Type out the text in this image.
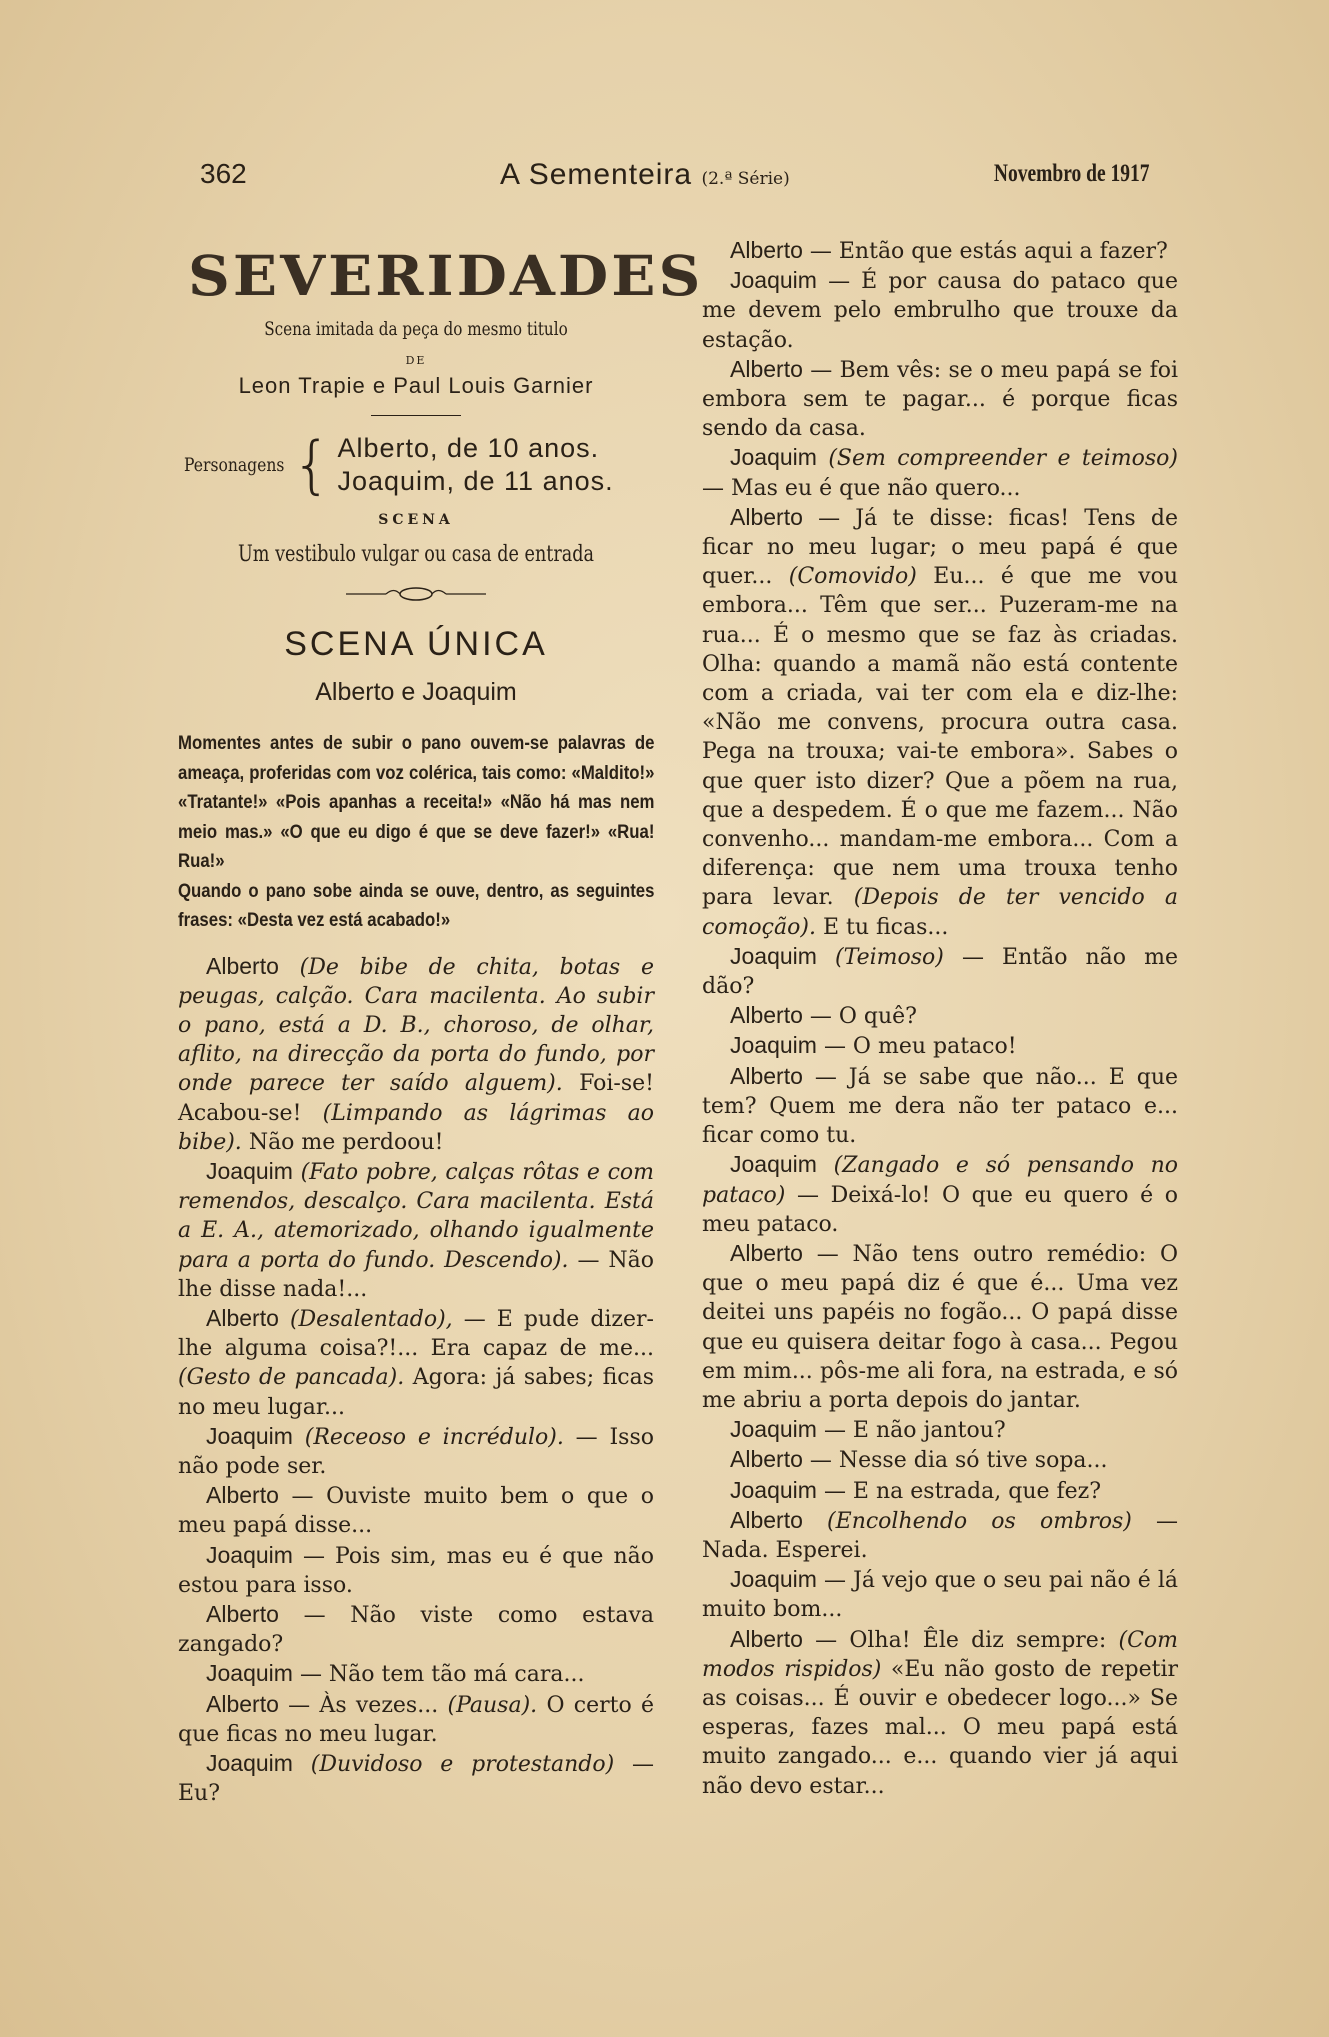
362	A Sementeira (2.ª Série)	Novembro de 1917
SEVERIDADES
Scena imitada da peça do mesmo titulo
DE
Leon Trapie e Paul Louis Garnier
Personagens { Alberto, de 10 anos.
Joaquim, de 11 anos.
SCENA
Um vestibulo vulgar ou casa de entrada
SCENA ÚNICA
Alberto e Joaquim

Momentes antes de subir o pano ouvem-se palavras de ameaça, proferidas com voz colérica, tais como: «Maldito!» «Tratante!» «Pois apanhas a receita!» «Não há mas nem meio mas.» «O que eu digo é que se deve fazer!» «Rua! Rua!»

Quando o pano sobe ainda se ouve, dentro, as seguintes frases: «Desta vez está acabado!»

Alberto (De bibe de chita, botas e peugas, calção. Cara macilenta. Ao subir o pano, está a D. B., choroso, de olhar, aflito, na direcção da porta do fundo, por onde parece ter saído alguem). Foi-se! Acabou-se! (Limpando as lágrimas ao bibe). Não me perdoou!

Joaquim (Fato pobre, calças rôtas e com remendos, descalço. Cara macilenta. Está a E. A., atemorizado, olhando igualmente para a porta do fundo. Descendo). — Não lhe disse nada!...

Alberto (Desalentado), — E pude dizer-lhe alguma coisa?!... Era capaz de me... (Gesto de pancada). Agora: já sabes; ficas no meu lugar...

Joaquim (Receoso e incrédulo). — Isso não pode ser.

Alberto — Ouviste muito bem o que o meu papá disse...

Joaquim — Pois sim, mas eu é que não estou para isso.

Alberto — Não viste como estava zangado?

Joaquim — Não tem tão má cara...

Alberto — Às vezes... (Pausa). O certo é que ficas no meu lugar.

Joaquim (Duvidoso e protestando) — Eu?

Alberto — Então que estás aqui a fazer?

Joaquim — É por causa do pataco que me devem pelo embrulho que trouxe da estação.

Alberto — Bem vês: se o meu papá se foi embora sem te pagar... é porque ficas sendo da casa.

Joaquim (Sem compreender e teimoso) — Mas eu é que não quero...

Alberto — Já te disse: ficas! Tens de ficar no meu lugar; o meu papá é que quer... (Comovido) Eu... é que me vou embora... Têm que ser... Puzeram-me na rua... É o mesmo que se faz às criadas. Olha: quando a mamã não está contente com a criada, vai ter com ela e diz-lhe: «Não me convens, procura outra casa. Pega na trouxa; vai-te embora». Sabes o que quer isto dizer? Que a põem na rua, que a despedem. É o que me fazem... Não convenho... mandam-me embora... Com a diferença: que nem uma trouxa tenho para levar. (Depois de ter vencido a comoção). E tu ficas...

Joaquim (Teimoso) — Então não me dão?

Alberto — O quê?

Joaquim — O meu pataco!

Alberto — Já se sabe que não... E que tem? Quem me dera não ter pataco e... ficar como tu.

Joaquim (Zangado e só pensando no pataco) — Deixá-lo! O que eu quero é o meu pataco.

Alberto — Não tens outro remédio: O que o meu papá diz é que é... Uma vez deitei uns papéis no fogão... O papá disse que eu quisera deitar fogo à casa... Pegou em mim... pôs-me ali fora, na estrada, e só me abriu a porta depois do jantar.

Joaquim — E não jantou?

Alberto — Nesse dia só tive sopa...

Joaquim — E na estrada, que fez?

Alberto (Encolhendo os ombros) — Nada. Esperei.

Joaquim — Já vejo que o seu pai não é lá muito bom...

Alberto — Olha! Êle diz sempre: (Com modos rispidos) «Eu não gosto de repetir as coisas... É ouvir e obedecer logo...» Se esperas, fazes mal... O meu papá está muito zangado... e... quando vier já aqui não devo estar...
